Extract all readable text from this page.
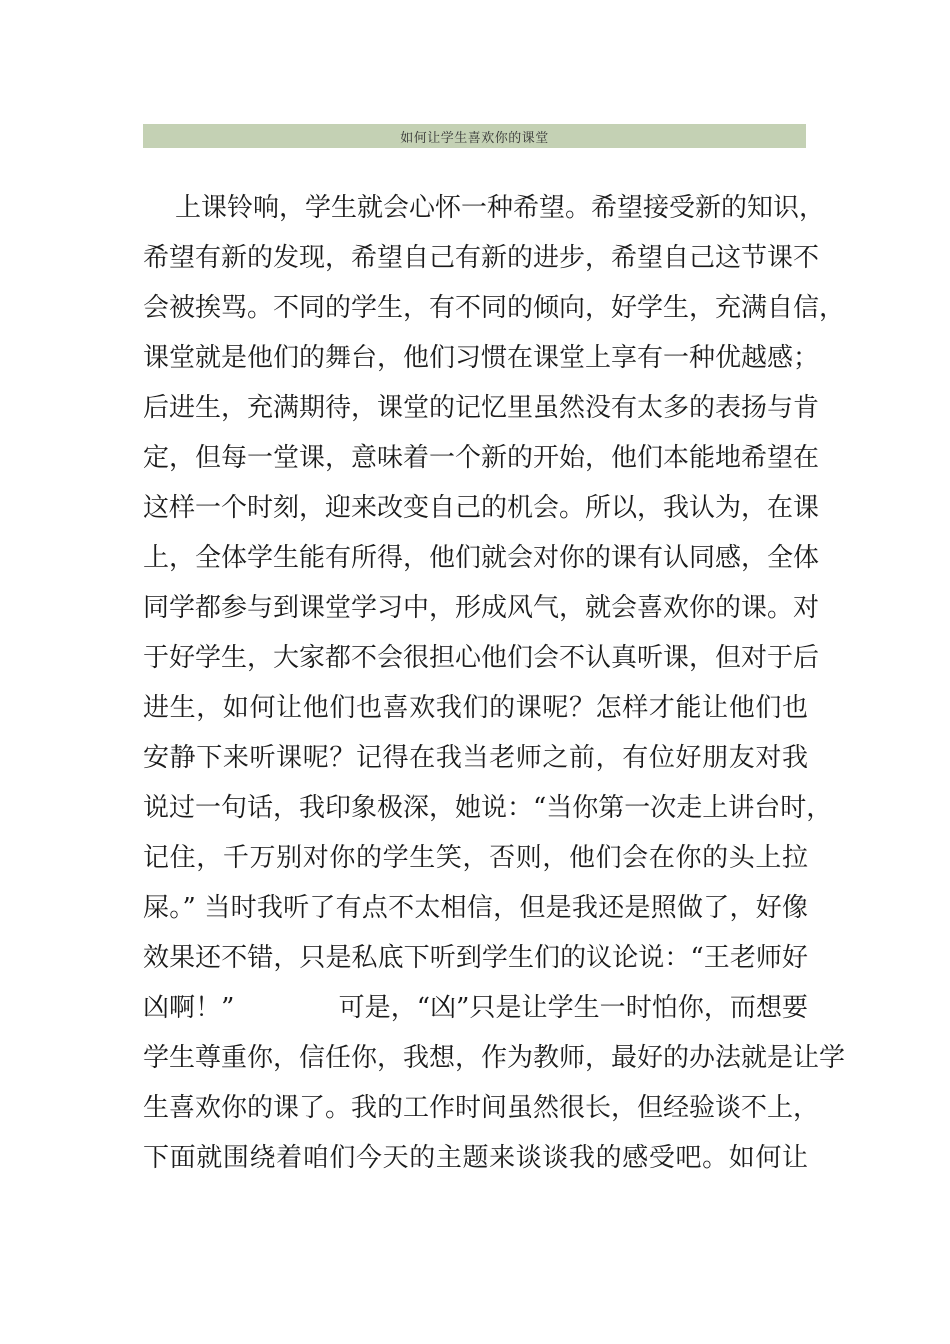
如何让学生喜欢你的课堂
上课铃响，学生就会心怀一种希望。希望接受新的知识，
希望有新的发现，希望自己有新的进步，希望自己这节课不
会被挨骂。不同的学生，有不同的倾向，好学生，充满自信，
课堂就是他们的舞台，他们习惯在课堂上享有一种优越感；
后进生，充满期待，课堂的记忆里虽然没有太多的表扬与肯
定，但每一堂课，意味着一个新的开始，他们本能地希望在
这样一个时刻，迎来改变自己的机会。所以，我认为，在课
上，全体学生能有所得，他们就会对你的课有认同感，全体
同学都参与到课堂学习中，形成风气，就会喜欢你的课。对
于好学生，大家都不会很担心他们会不认真听课，但对于后
进生，如何让他们也喜欢我们的课呢？怎样才能让他们也
安静下来听课呢？记得在我当老师之前，有位好朋友对我
说过一句话，我印象极深，她说：“当你第一次走上讲台时，
记住，千万别对你的学生笑，否则，他们会在你的头上拉
屎。” 当时我听了有点不太相信，但是我还是照做了，好像
效果还不错，只是私底下听到学生们的议论说：“王老师好
凶啊！”　　　　可是，“凶”只是让学生一时怕你，而想要
学生尊重你，信任你，我想，作为教师，最好的办法就是让学
生喜欢你的课了。我的工作时间虽然很长，但经验谈不上，
下面就围绕着咱们今天的主题来谈谈我的感受吧。如何让
